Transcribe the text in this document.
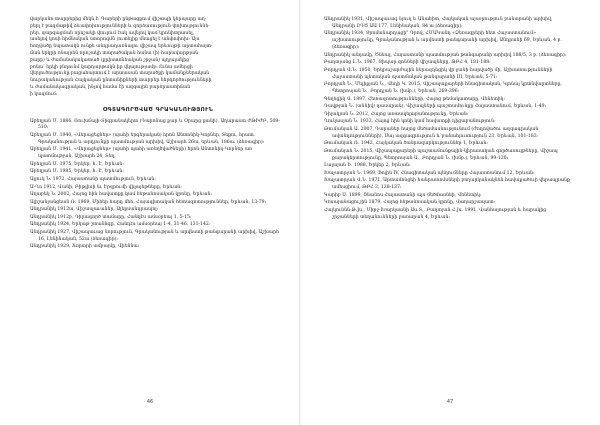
վարկանո տարրերից մեկն է: Դարերի ընթացքում վիշապի կերպարը աղ-
բերլ է բազմաթիվ ձևափոխությունների և զորձառություն փոխություննե-
րեր, գարգացման որոշակի փուլում էակ ավելով կամ կրոնիտրասել,
ասելով կոսի հիմնական ստորոգմն (ուտելիք մնացել է անփոփոխ: Այս
հողվածը նպատակն ունքե անդրադառնալու վիշապ երևույթի արտահայտ-
ման երկրի ոնայրեն որոշակի տարածական հանա (ի) հարավարթյան
բարբ) և ժամանակակատած (քրիստոնեական շրջան) պղյալակից
բոնա՝ երկի բնդունմ կարդարթակն իր վկայությամբ: Ունա ամերցի
վերլուծությունը բացահայտում է արտասան տարածքի կամանքներական
նուրականության Հայկական ընտանիքների տարրեր ներգործությունների
և ժամանակագրական, ինչով համա էի ազգային բարձրաստիճան
ի կազմում:
ՕԳՏԱԳՈՐԾՎԱԾ ԳՐԱԿԱՆՈՒԹՅՈՒՆ
Աբեղյան Մ. 1886, Ռուխմայի-Տիգրանակերտ (Դարոնաց քար և Օրարց քանի), Աղարաստ ԺԹԻԺԲ, 509-510:
Աբեղյան Մ. 1940, «Վերացեցներ» (պահի երգերական) հրոն Անտոնիկ-Կորներ, Տեքու, հրատ. Գրականության և արդյունքի պատմության արխիվ, Աշխարհ 26ա, երևան, 186ա. (ձեռագիր):
Աբեղյան Մ. 1941, «Վերացեցներ» (պահի պահի առեղծվածների) հրոն Անտոնիկ-Կորներ առ պատմության, Աշխարհ 24, Տեղ.
Աբեղյան Մ. 1975, Երկեր, h. Է, Երևան:
Աբեղյան Մ. 1985, Երկեր, h. Է, Երևան:
Ալյուկ Ն. 1972, Հայաստանի պատմություն, Երևան:
Ա-Ղո 1912, Վանի, Բիթլիսի եւ Էրզրումի վիլայեթները, Երևան:
Աղաբեկ Ն. 2002, Հայոց հին հավատքը կամ հեթանոսական կրոնը, Երևան:
Ալիշանյանցեան Ռ. 1969, Միհեր հարդ մեհ, Հայագիտական հետազոտություններ, Երևան, 13-79:
Անդրանիկ 1912ա, Վիշապաւաներ, Ալեքսանդրապոլ:
Անդրանիկ 1912բ, Դիրագործ տամարը, Հանդէս ամսօրեայ 1, 5-15:
Անդրանիկ 1924, Երկաթ շտաննգը, Հանդէս ամսօրեայ 1-4, 31-46, 131-142:
Անդրանիկ 1927, Վիշապաւաց նորություն, Գրականության և արվեստի թանգարանի արխիվ, Աշխարհ 16, Լենինական, 52ա (ձեռագիր):
Անդրանիկ 1929, Ճորտրի ամբայմը, Վիեննա:
46
Անդրանիկ 1931, Վիշապաւագ նյուղ և Անահիտ, Հայկական այսօրություն բանարանի արխիվ, Անդրանի ԸԴԾ ԱԱ 177, Լենինական, 84 ա (ձեռագիր):
Անդրանիկ 1934, Ցրոմանարդացի" Դրով, ՀՄԱԿանդ «Ձեռագրերի հետ Հայաստանում» աշխատությունը, Գրականության և արվեստի թանգարանի արխիվ, Անդրանի 69, Երևան, 4 բ. (ձեռագիր):
Անդրանիկ անդամը, Ծնեալ, Հայաստանի պատմության թանգարանի արխիվ 188/5, 3 բ. (ձեռագիր):
Բադտյանց Լ.Ն. 1967, Ցիպար զոնների վիշապները, ԹԲՀ 4, 181-188:
Բորդյան Վ.Ն. 1950, Երկրաշարժային ներազդեցիկ վր ջանի հարվածի մի, Աշխատությունների Հայաստանի պետական պատմական թանգարանի III, Երևան, 5-71:
Բորդյան Ն., Մելիքյան Ն., Վեդի Կ. 2015, Վիշապաքարերի հնագիտական, Կլոնայ կրտնվարտները, Պետրոսյան Ն., Բորդյան Ն. (խմբ.), Երևան, 269-396:
Գեղեցիկ Վ. 1897, Հետազոտությունների, Հայոց թեմակատարը, Վենետիկ:
Դավթյան Ն. (աննիվ) դասարան), Վիշապների պաշտամունքը Հայաստանում, Երևան, 1-49:
Դիլակյան Ն. 2012, Հայոց առասպելաբանությունը, Երևան:
Ղուկասյան Ն. 1933, Հայոց հին կոնի կամ հավատքի դիցաբանություն:
Թումանյան Ա. 2007, Դարաներ հայոց մեծամասնությունում (Ժողովածու ազգագրական ավանդությունների), Սայ ազգագրություն և բանահյուսություն 23, Երևան, 101-183:
Թումանյան Ռ. 1942, Հայկական ծանրազարկություններ 1, Երևան:
Թումանյան Ն. 2015, Վիշապաքարերի պաշտամունքային-կիրառական գործառույթները, Վիշապ քարակերտությունը, Պետրոսյան Ա., Բորդյան Ն. (խմբ.), Երևան, 99-120:
Լալայան Ե. 1988, Երկեր 2, Երևան:
Խաչատրյան Ն. 1969, Ֆոլին IV, Հնագիտական պեղումները Հայաստանում 12, Երևան:
Խաչատրյան Վ.Ն. 1971, Արտամոնցեի հանրատոմսների բողարկանակնեն հավաքածուի վերապրանք ամեսցիում, ԹԲՀ 3, 128-137:
Կարիբ Ս. 1899, Շնանոս Հայաստանի այս մեծմասնեի, Վենետիկ:
Կոսայանացուշին 1879, Հայոց հեթանոսական կրոնը, Վաղարշապատ:
Հայկուննն Թ.Ju., Միրջ-Խարկսանի Աս.Տ., Բադտյան Հ.Ju. 1991, Վանհայության և հարակից շրջանների տեղանունների բառարան 4, Երևան:
47
